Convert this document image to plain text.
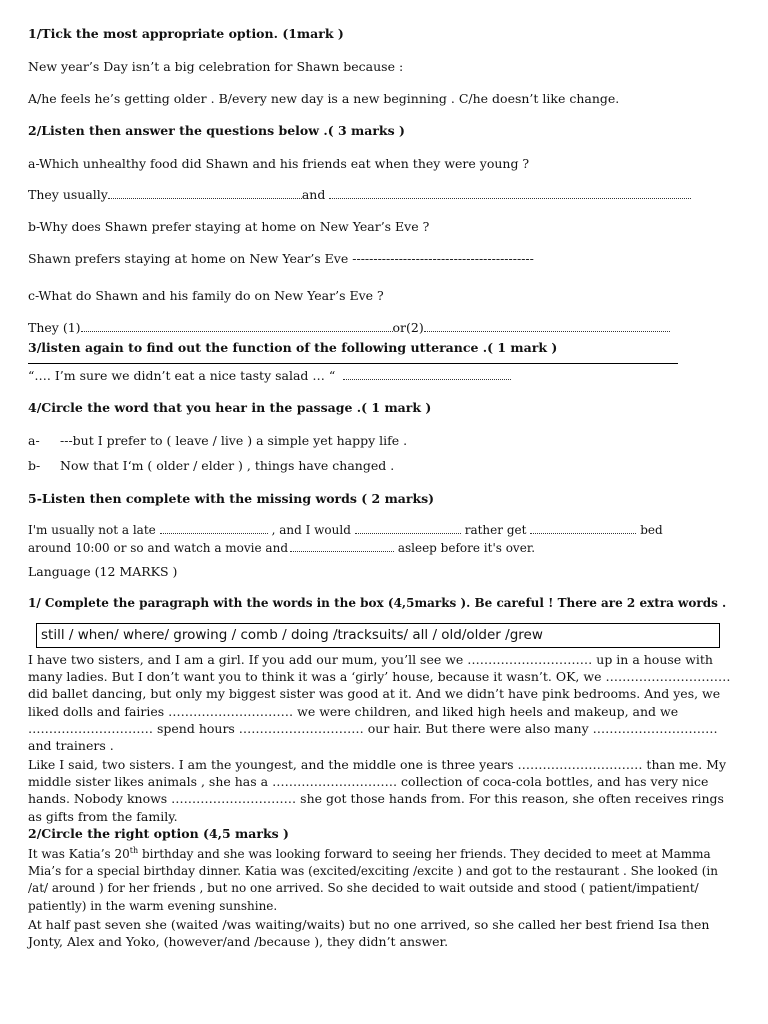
1/Tick the most appropriate option. (1mark )
New year’s Day isn’t a big celebration for Shawn because :
A/he feels he’s getting older . B/every new day is a new beginning . C/he doesn’t like change.
2/Listen then answer the questions below .( 3 marks )
a-Which unhealthy food did Shawn and his friends eat when they were young ?
They usually	and
b-Why does Shawn prefer staying at home on New Year’s Eve ?
Shawn prefers staying at home on New Year’s Eve -------------------------------------------
c-What do Shawn and his family do on New Year’s Eve ?
They (1)	or(2)
3/listen again to find out the function of the following utterance .( 1 mark )
“…. I’m sure we didn’t eat a nice tasty salad … “
4/Circle the word that you hear in the passage .( 1 mark )
a- ---but I prefer to ( leave / live ) a simple yet happy life .
b- Now that I‘m ( older / elder ) , things have changed .
5-Listen then complete with the missing words ( 2 marks)
I'm usually not a late	, and I would	rather get	bed
around 10:00 or so and watch a movie and	asleep before it's over.
Language (12 MARKS )
1/ Complete the paragraph with the words in the box (4,5marks ). Be careful ! There are 2 extra words .
still / when/ where/ growing / comb / doing /tracksuits/ all / old/older /grew
I have two sisters, and I am a girl. If you add our mum, you’ll see we ………………………… up in a house with many ladies. But I don’t want you to think it was a ‘girly’ house, because it wasn’t. OK, we ………………………… did ballet dancing, but only my biggest sister was good at it. And we didn’t have pink bedrooms. And yes, we liked dolls and fairies ………………………… we were children, and liked high heels and makeup, and we ………………………… spend hours ………………………… our hair. But there were also many ………………………… and trainers .
Like I said, two sisters. I am the youngest, and the middle one is three years ………………………… than me. My middle sister likes animals , she has a ………………………… collection of coca-cola bottles, and has very nice hands. Nobody knows ………………………… she got those hands from. For this reason, she often receives rings as gifts from the family.
2/Circle the right option (4,5 marks )
It was Katia’s 20th birthday and she was looking forward to seeing her friends. They decided to meet at Mamma Mia’s for a special birthday dinner. Katia was (excited/exciting /excite ) and got to the restaurant . She looked (in /at/ around ) for her friends , but no one arrived. So she decided to wait outside and stood ( patient/impatient/ patiently) in the warm evening sunshine.
At half past seven she (waited /was waiting/waits) but no one arrived, so she called her best friend Isa then Jonty, Alex and Yoko, (however/and /because ), they didn’t answer.
